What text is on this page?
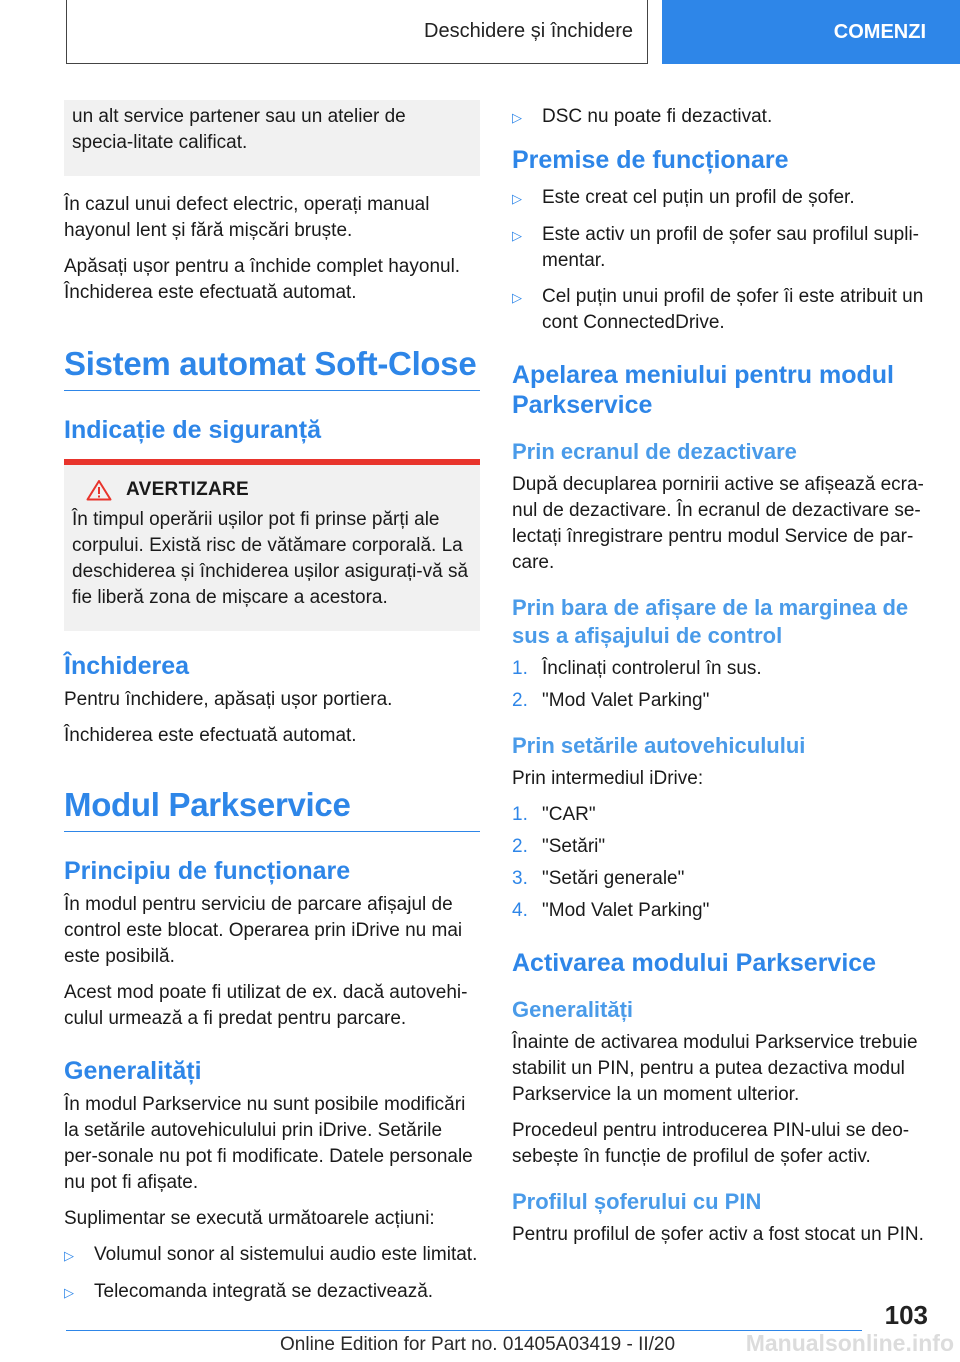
Deschidere și închidere	COMENZI

un alt service partener sau un atelier de specia-litate calificat.

În cazul unui defect electric, operați manual hayonul lent și fără mișcări bruște.

Apăsați ușor pentru a închide complet hayonul. Închiderea este efectuată automat.

Sistem automat Soft-Close
Indicație de siguranță
AVERTIZARE

În timpul operării ușilor pot fi prinse părți ale corpului. Există risc de vătămare corporală. La deschiderea și închiderea ușilor asigurați-vă să fie liberă zona de mișcare a acestora.

Închiderea

Pentru închidere, apăsați ușor portiera.

Închiderea este efectuată automat.

Modul Parkservice
Principiu de funcționare

În modul pentru serviciu de parcare afișajul de control este blocat. Operarea prin iDrive nu mai este posibilă.

Acest mod poate fi utilizat de ex. dacă autovehi-culul urmează a fi predat pentru parcare.

Generalități

În modul Parkservice nu sunt posibile modificări la setările autovehiculului prin iDrive. Setările per-sonale nu pot fi modificate. Datele personale nu pot fi afișate.

Suplimentar se execută următoarele acțiuni:

▷	Volumul sonor al sistemului audio este limitat.
▷	Telecomanda integrată se dezactivează.
▷	DSC nu poate fi dezactivat.
Premise de funcționare
▷	Este creat cel puțin un profil de șofer.
▷	Este activ un profil de șofer sau profilul supli-mentar.
▷	Cel puțin unui profil de șofer îi este atribuit un cont ConnectedDrive.
Apelarea meniului pentru modul Parkservice
Prin ecranul de dezactivare

După decuplarea pornirii active se afișează ecra-nul de dezactivare. În ecranul de dezactivare se-lectați înregistrare pentru modul Service de par-care.

Prin bara de afișare de la marginea de sus a afișajului de control
1. Înclinați controlerul în sus.
2. "Mod Valet Parking"
Prin setările autovehiculului

Prin intermediul iDrive:

1. "CAR"
2. "Setări"
3. "Setări generale"
4. "Mod Valet Parking"
Activarea modului Parkservice
Generalități

Înainte de activarea modului Parkservice trebuie stabilit un PIN, pentru a putea dezactiva modul Parkservice la un moment ulterior.

Procedeul pentru introducerea PIN-ului se deo-sebește în funcție de profilul de șofer activ.

Profilul șoferului cu PIN

Pentru profilul de șofer activ a fost stocat un PIN.

103
Online Edition for Part no. 01405A03419 - II/20	Manualsonline.info
